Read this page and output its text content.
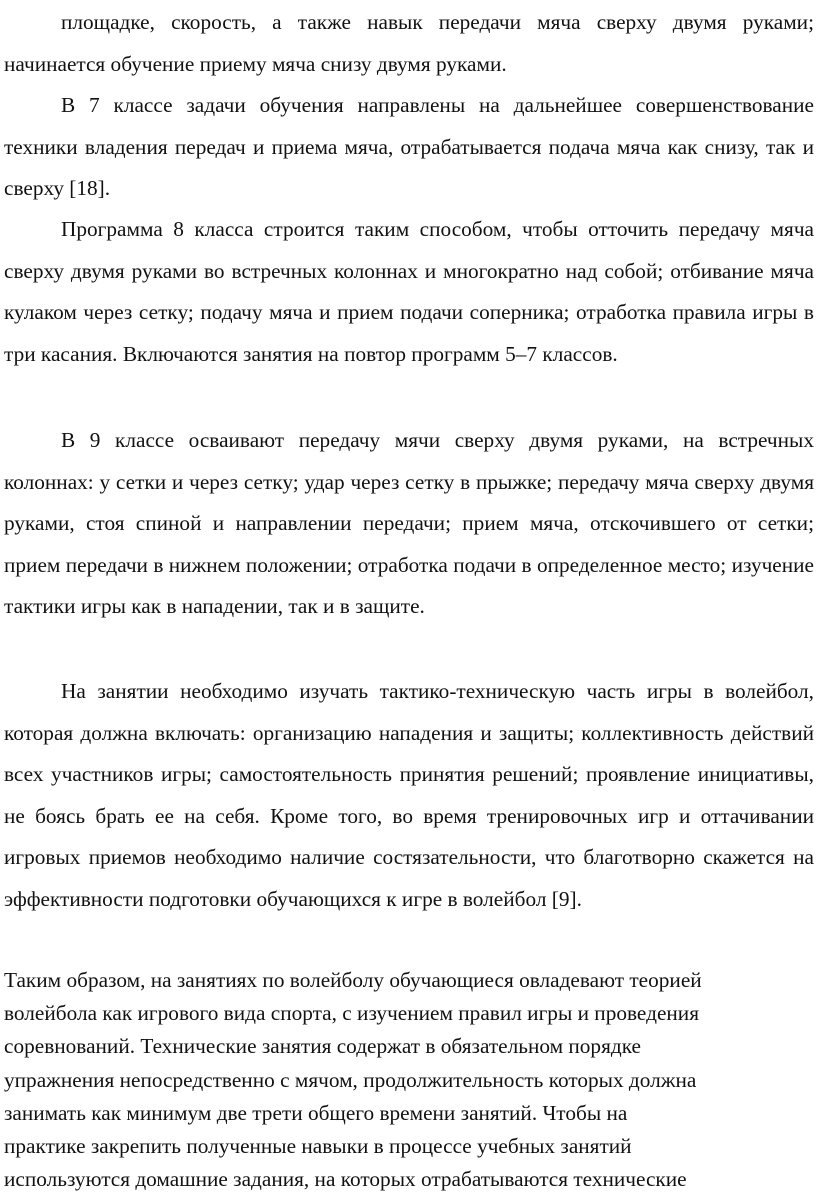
площадке, скорость, а также навык передачи мяча сверху двумя руками; начинается обучение приему мяча снизу двумя руками.

В 7 классе задачи обучения направлены на дальнейшее совершенствование техники владения передач и приема мяча, отрабатывается подача мяча как снизу, так и сверху [18].

Программа 8 класса строится таким способом, чтобы отточить передачу мяча сверху двумя руками во встречных колоннах и многократно над собой; отбивание мяча кулаком через сетку; подачу мяча и прием подачи соперника; отработка правила игры в три касания. Включаются занятия на повтор программ 5–7 классов.

В 9 классе осваивают передачу мячи сверху двумя руками, на встречных колоннах: у сетки и через сетку; удар через сетку в прыжке; передачу мяча сверху двумя руками, стоя спиной и направлении передачи; прием мяча, отскочившего от сетки; прием передачи в нижнем положении; отработка подачи в определенное место; изучение тактики игры как в нападении, так и в защите.

На занятии необходимо изучать тактико-техническую часть игры в волейбол, которая должна включать: организацию нападения и защиты; коллективность действий всех участников игры; самостоятельность принятия решений; проявление инициативы, не боясь брать ее на себя. Кроме того, во время тренировочных игр и оттачивании игровых приемов необходимо наличие состязательности, что благотворно скажется на эффективности подготовки обучающихся к игре в волейбол [9].

Таким образом, на занятиях по волейболу обучающиеся овладевают теорией
волейбола как игрового вида спорта, с изучением правил игры и проведения
соревнований. Технические занятия содержат в обязательном порядке
упражнения непосредственно с мячом, продолжительность которых должна
занимать как минимум две трети общего времени занятий. Чтобы на
практике закрепить полученные навыки в процессе учебных занятий
используются домашние задания, на которых отрабатываются технические
